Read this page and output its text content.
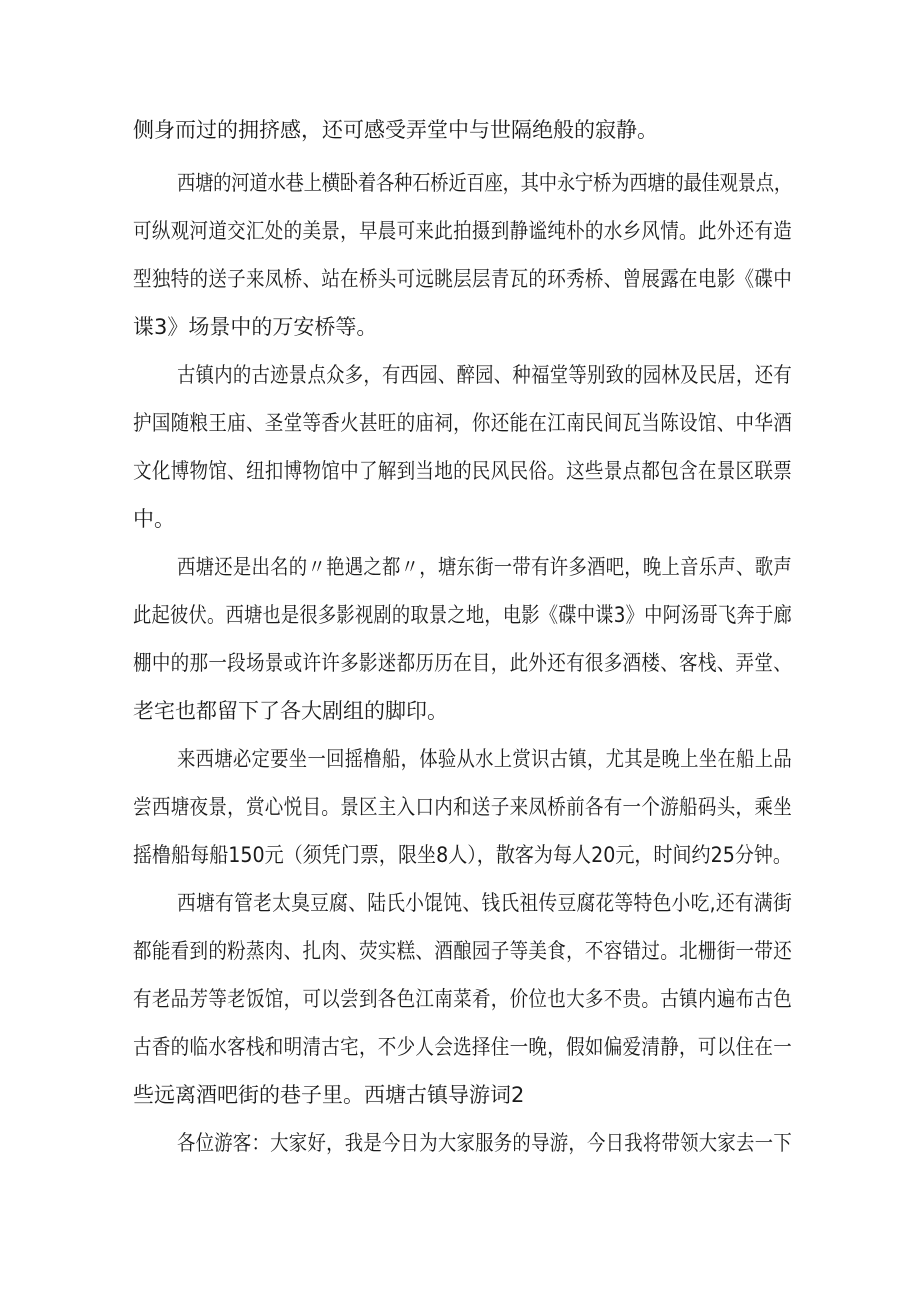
侧身而过的拥挤感，还可感受弄堂中与世隔绝般的寂静。
西塘的河道水巷上横卧着各种石桥近百座，其中永宁桥为西塘的最佳观景点，
可纵观河道交汇处的美景，早晨可来此拍摄到静谧纯朴的水乡风情。此外还有造
型独特的送子来凤桥、站在桥头可远眺层层青瓦的环秀桥、曾展露在电影《碟中
谍3》场景中的万安桥等。
古镇内的古迹景点众多，有西园、醉园、种福堂等别致的园林及民居，还有
护国随粮王庙、圣堂等香火甚旺的庙祠，你还能在江南民间瓦当陈设馆、中华酒
文化博物馆、纽扣博物馆中了解到当地的民风民俗。这些景点都包含在景区联票
中。
西塘还是出名的〃艳遇之都〃，塘东街一带有许多酒吧，晚上音乐声、歌声
此起彼伏。西塘也是很多影视剧的取景之地，电影《碟中谍3》中阿汤哥飞奔于廊
棚中的那一段场景或许许多影迷都历历在目，此外还有很多酒楼、客栈、弄堂、
老宅也都留下了各大剧组的脚印。
来西塘必定要坐一回摇橹船，体验从水上赏识古镇，尤其是晚上坐在船上品
尝西塘夜景，赏心悦目。景区主入口内和送子来凤桥前各有一个游船码头，乘坐
摇橹船每船150元（须凭门票，限坐8人），散客为每人20元，时间约25分钟。
西塘有管老太臭豆腐、陆氏小馄饨、钱氏祖传豆腐花等特色小吃,还有满街
都能看到的粉蒸肉、扎肉、荧实糕、酒酿园子等美食，不容错过。北栅街一带还
有老品芳等老饭馆，可以尝到各色江南菜肴，价位也大多不贵。古镇内遍布古色
古香的临水客栈和明清古宅，不少人会选择住一晚，假如偏爱清静，可以住在一
些远离酒吧街的巷子里。西塘古镇导游词2
各位游客：大家好，我是今日为大家服务的导游，今日我将带领大家去一下
